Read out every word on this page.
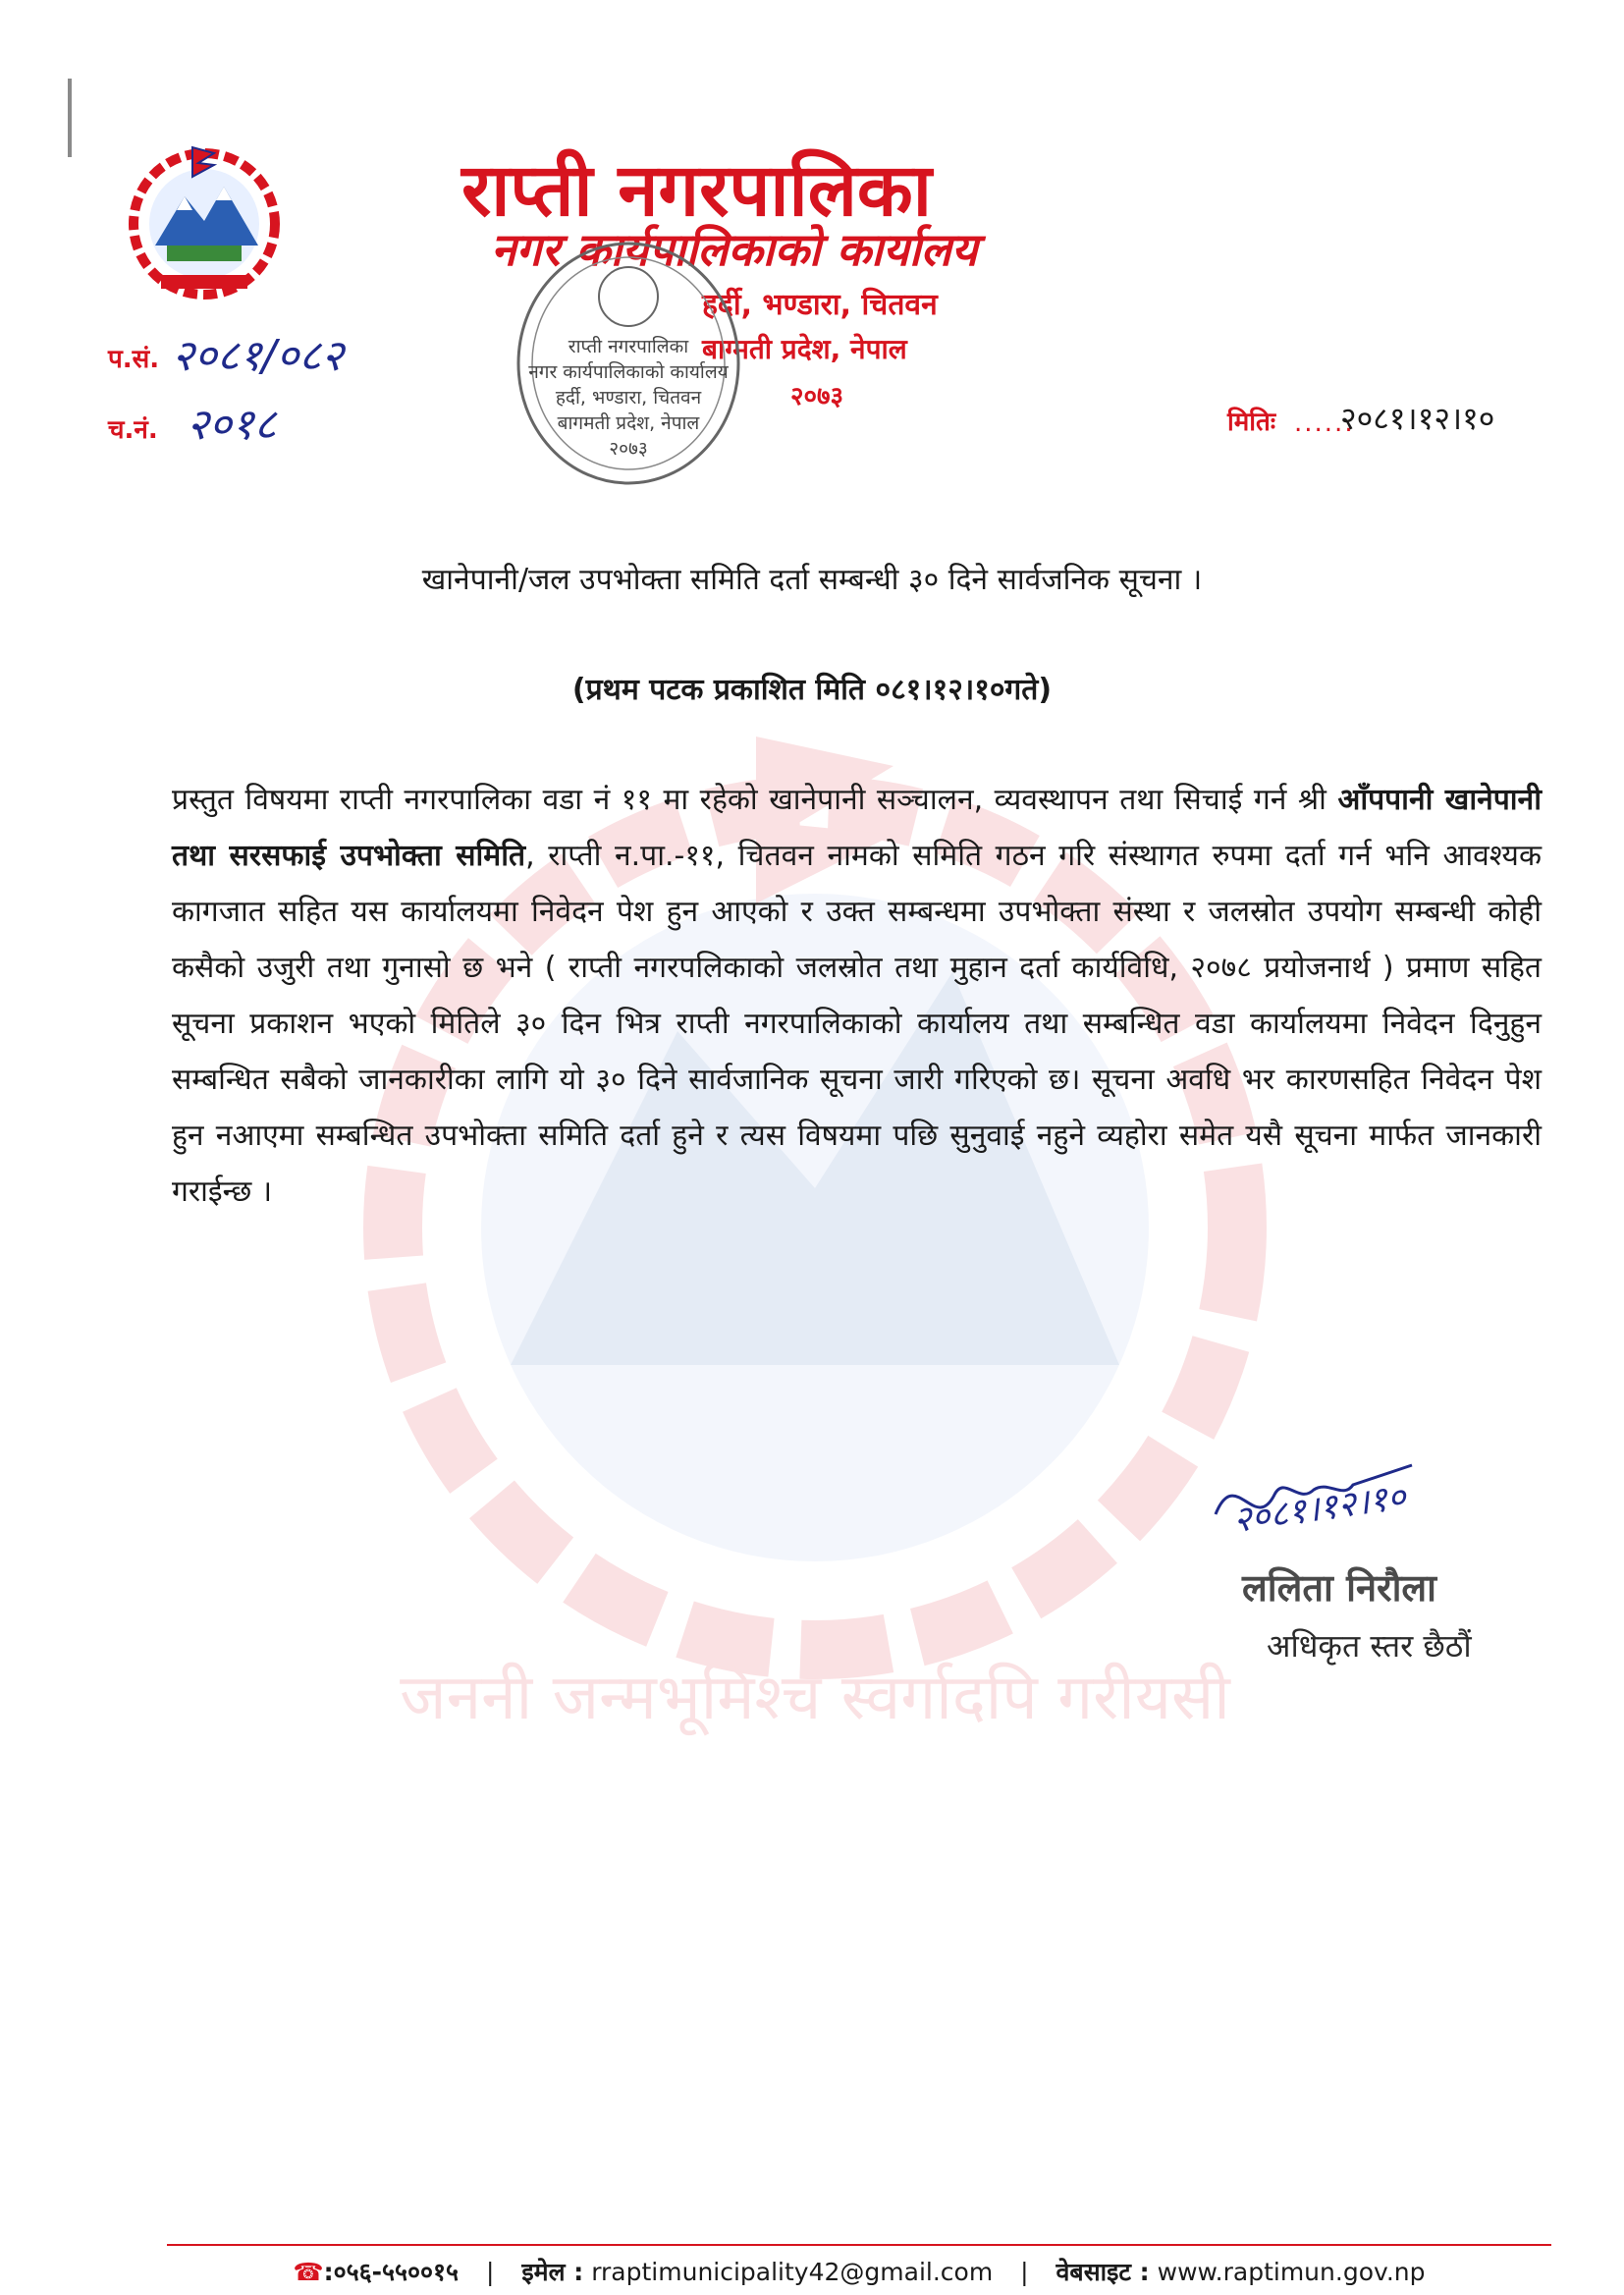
राप्ती नगरपालिका
नगर कार्यपालिकाको कार्यालय
हर्दी, भण्डारा, चितवन
बाग्मती प्रदेश, नेपाल
२०७३
प.सं. २०८१/०८२
च.नं. २०१८	मितिः ......
२०८१।१२।१०
राप्ती नगरपालिका
नगर कार्यपालिकाको कार्यालय
हर्दी, भण्डारा, चितवन
बागमती प्रदेश, नेपाल
२०७३
जननी जन्मभूमिश्च स्वर्गादपि गरीयसी
खानेपानी/जल उपभोक्ता समिति दर्ता सम्बन्धी ३० दिने सार्वजनिक सूचना ।
(प्रथम पटक प्रकाशित मिति ०८१।१२।१०गते)
प्रस्तुत विषयमा राप्ती नगरपालिका वडा नं ११ मा रहेको खानेपानी सञ्चालन, व्यवस्थापन तथा सिचाई गर्न श्री आँपपानी खानेपानी तथा सरसफाई उपभोक्ता समिति, राप्ती न.पा.-११, चितवन नामको समिति गठन गरि संस्थागत रुपमा दर्ता गर्न भनि आवश्यक कागजात सहित यस कार्यालयमा निवेदन पेश हुन आएको र उक्त सम्बन्धमा उपभोक्ता संस्था र जलस्रोत उपयोग सम्बन्धी कोही कसैको उजुरी तथा गुनासो छ भने ( राप्ती नगरपलिकाको जलस्रोत तथा मुहान दर्ता कार्यविधि, २०७८ प्रयोजनार्थ ) प्रमाण सहित सूचना प्रकाशन भएको मितिले ३० दिन भित्र राप्ती नगरपालिकाको कार्यालय तथा सम्बन्धित वडा कार्यालयमा निवेदन दिनुहुन सम्बन्धित सबैको जानकारीका लागि यो ३० दिने सार्वजानिक सूचना जारी गरिएको छ। सूचना अवधि भर कारणसहित निवेदन पेश हुन नआएमा सम्बन्धित उपभोक्ता समिति दर्ता हुने र त्यस विषयमा पछि सुनुवाई नहुने व्यहोरा समेत यसै सूचना मार्फत जानकारी गराईन्छ ।
२०८१।१२।१०
ललिता निरौला
अधिकृत स्तर छैठौं
☎:०५६-५५००१५ | इमेल : rraptimunicipality42@gmail.com | वेबसाइट : www.raptimun.gov.np
